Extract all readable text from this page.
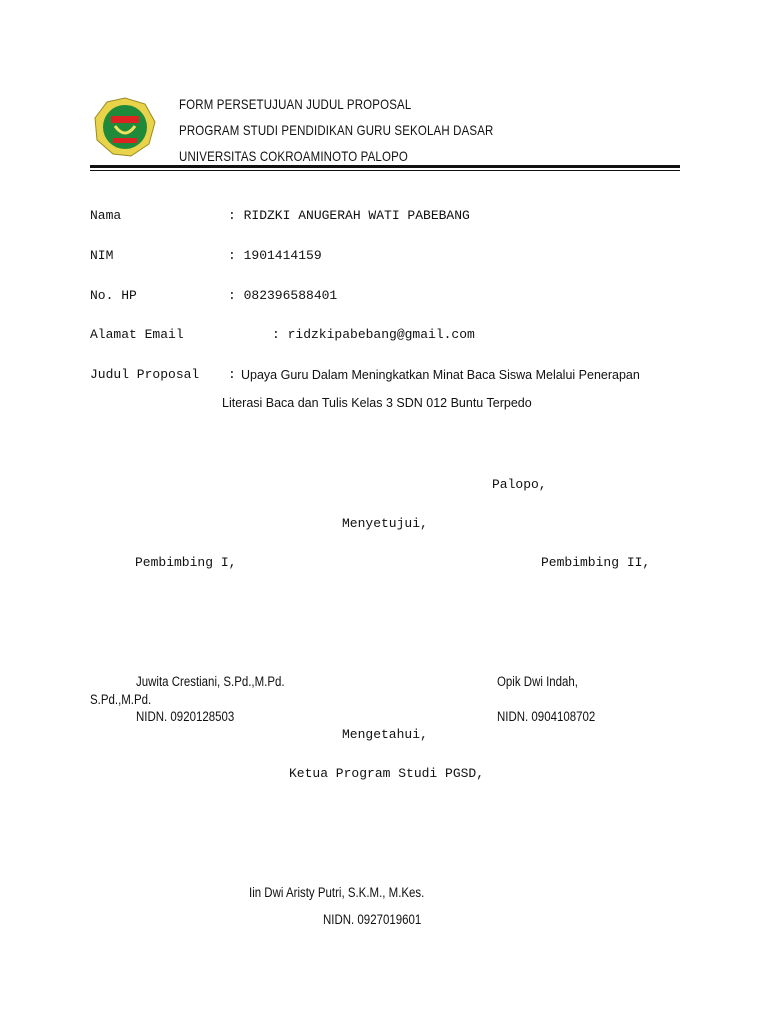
FORM PERSETUJUAN JUDUL PROPOSAL
PROGRAM STUDI PENDIDIKAN GURU SEKOLAH DASAR
UNIVERSITAS COKROAMINOTO PALOPO
Nama	: RIDZKI ANUGERAH WATI PABEBANG
NIM	: 1901414159
No. HP	: 082396588401
Alamat Email	: ridzkipabebang@gmail.com
Judul Proposal : Upaya Guru Dalam Meningkatkan Minat Baca Siswa Melalui Penerapan
Literasi Baca dan Tulis Kelas 3 SDN 012 Buntu Terpedo
Palopo,
Menyetujui,
Pembimbing I,	Pembimbing II,
Juwita Crestiani, S.Pd.,M.Pd.	Opik Dwi Indah,
S.Pd.,M.Pd.
NIDN. 0920128503	NIDN. 0904108702
Mengetahui,
Ketua Program Studi PGSD,
Iin Dwi Aristy Putri, S.K.M., M.Kes.
NIDN. 0927019601
